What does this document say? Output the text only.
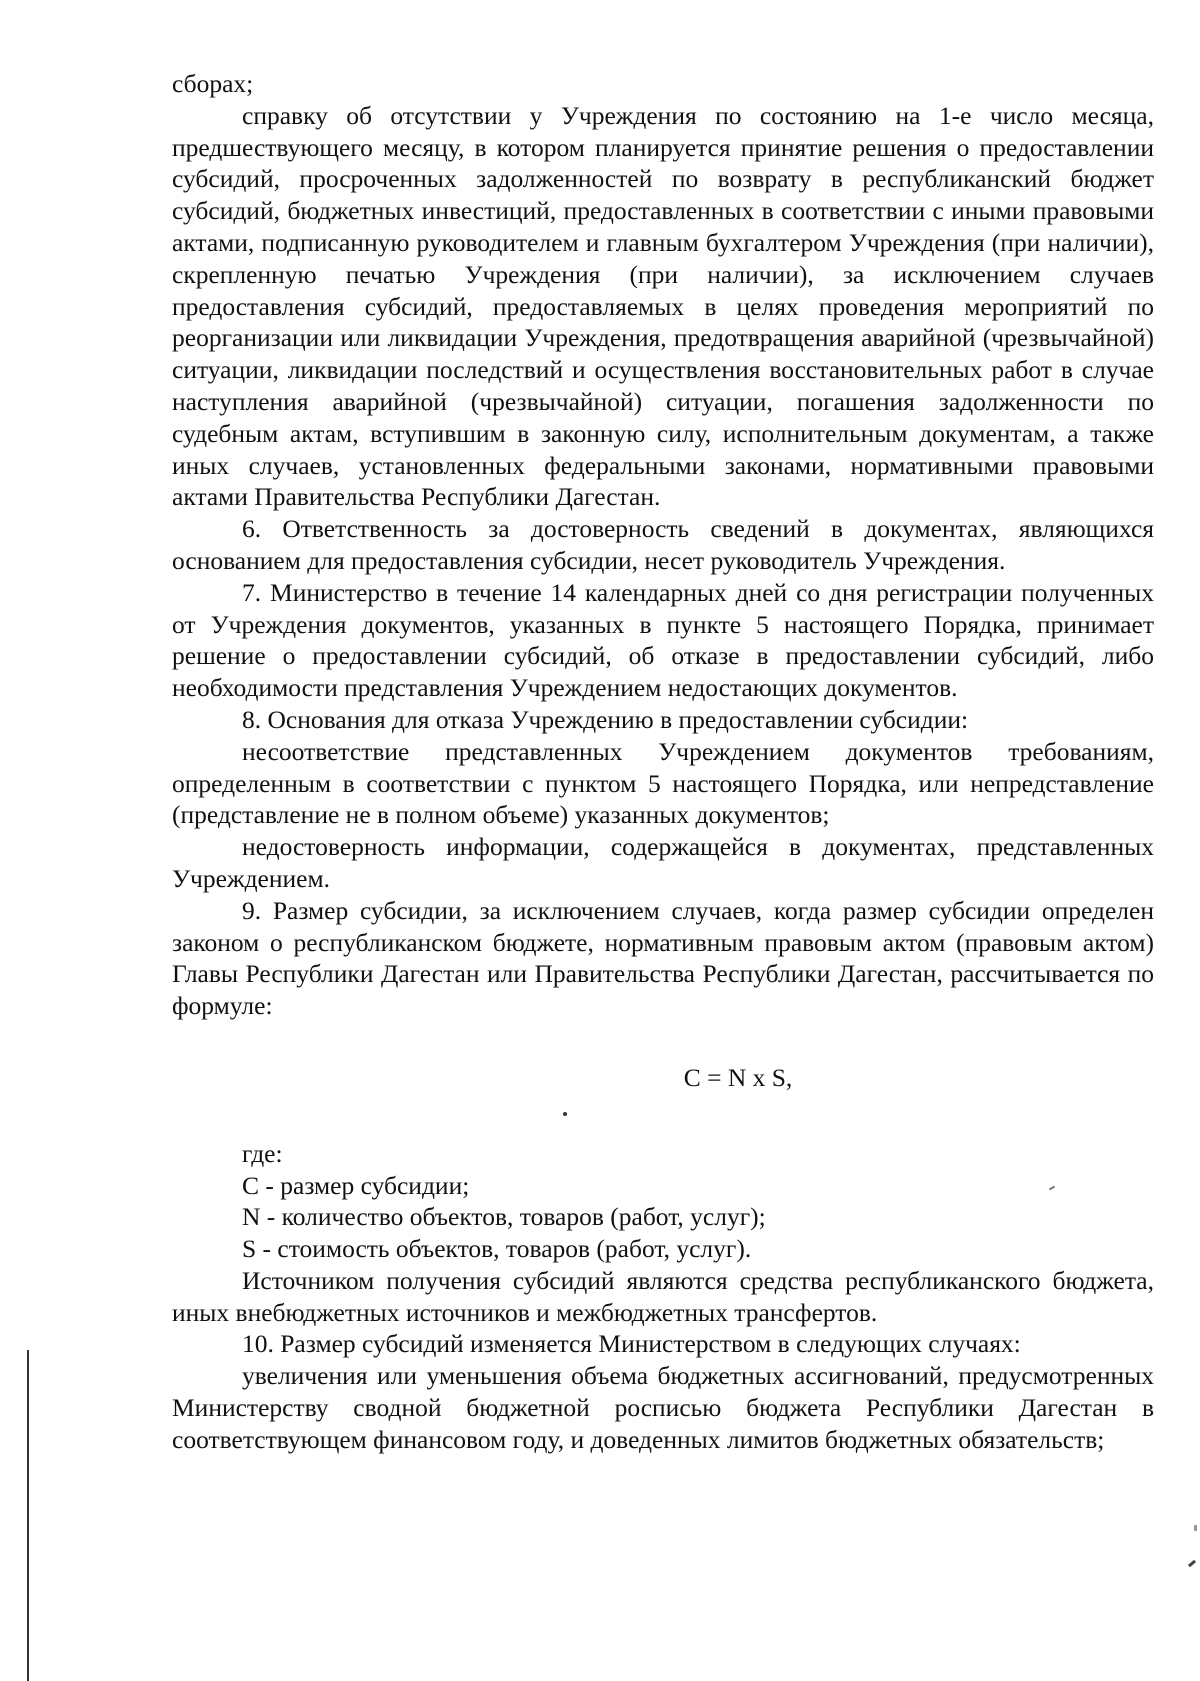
сборах;

справку об отсутствии у Учреждения по состоянию на 1-е число месяца, предшествующего месяцу, в котором планируется принятие решения о предоставлении субсидий, просроченных задолженностей по возврату в республиканский бюджет субсидий, бюджетных инвестиций, предоставленных в соответствии с иными правовыми актами, подписанную руководителем и главным бухгалтером Учреждения (при наличии), скрепленную печатью Учреждения (при наличии), за исключением случаев предоставления субсидий, предоставляемых в целях проведения мероприятий по реорганизации или ликвидации Учреждения, предотвращения аварийной (чрезвычайной) ситуации, ликвидации последствий и осуществления восстановительных работ в случае наступления аварийной (чрезвычайной) ситуации, погашения задолженности по судебным актам, вступившим в законную силу, исполнительным документам, а также иных случаев, установленных федеральными законами, нормативными правовыми актами Правительства Республики Дагестан.

6. Ответственность за достоверность сведений в документах, являющихся основанием для предоставления субсидии, несет руководитель Учреждения.

7. Министерство в течение 14 календарных дней со дня регистрации полученных от Учреждения документов, указанных в пункте 5 настоящего Порядка, принимает решение о предоставлении субсидий, об отказе в предоставлении субсидий, либо необходимости представления Учреждением недостающих документов.

8. Основания для отказа Учреждению в предоставлении субсидии:

несоответствие представленных Учреждением документов требованиям, определенным в соответствии с пунктом 5 настоящего Порядка, или непредставление (представление не в полном объеме) указанных документов;

недостоверность информации, содержащейся в документах, представленных Учреждением.

9. Размер субсидии, за исключением случаев, когда размер субсидии определен законом о республиканском бюджете, нормативным правовым актом (правовым актом) Главы Республики Дагестан или Правительства Республики Дагестан, рассчитывается по формуле:

С = N х S,

где:

С - размер субсидии;

N - количество объектов, товаров (работ, услуг);

S - стоимость объектов, товаров (работ, услуг).

Источником получения субсидий являются средства республиканского бюджета, иных внебюджетных источников и межбюджетных трансфертов.

10. Размер субсидий изменяется Министерством в следующих случаях:

увеличения или уменьшения объема бюджетных ассигнований, предусмотренных Министерству сводной бюджетной росписью бюджета Республики Дагестан в соответствующем финансовом году, и доведенных лимитов бюджетных обязательств;
